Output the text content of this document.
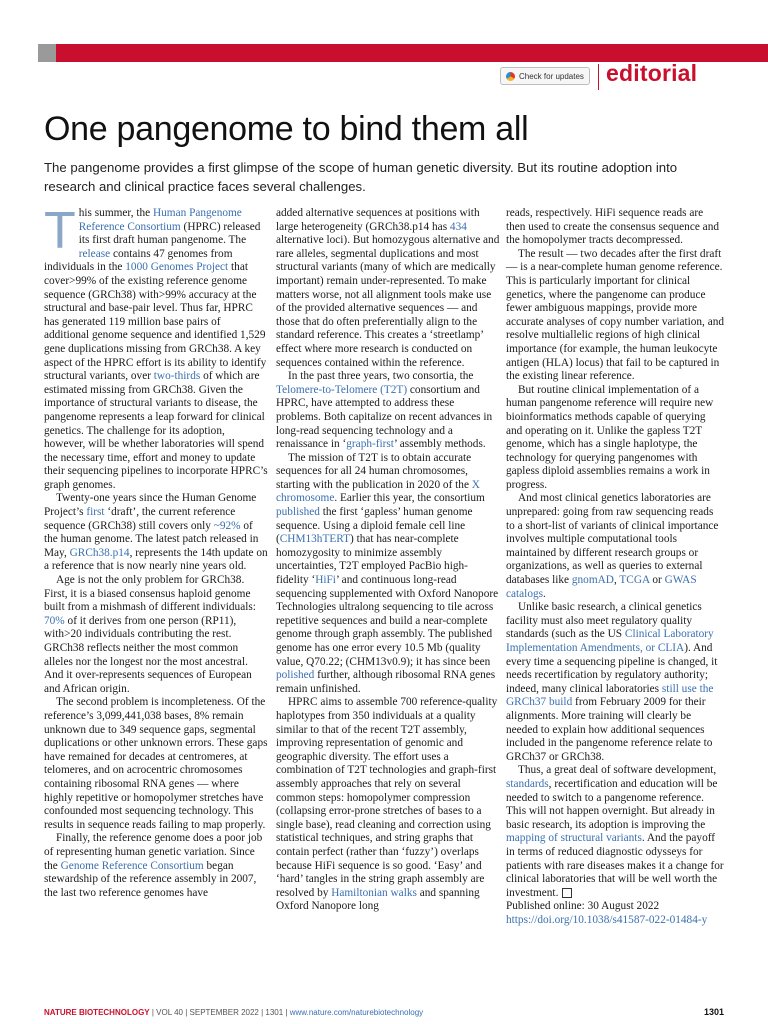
Check for updates editorial
One pangenome to bind them all
The pangenome provides a first glimpse of the scope of human genetic diversity. But its routine adoption into research and clinical practice faces several challenges.

This summer, the Human Pangenome Reference Consortium (HPRC) released its first draft human pangenome. The release contains 47 genomes from individuals in the 1000 Genomes Project that cover>99% of the existing reference genome sequence (GRCh38) with>99% accuracy at the structural and base-pair level. Thus far, HPRC has generated 119 million base pairs of additional genome sequence and identified 1,529 gene duplications missing from GRCh38. A key aspect of the HPRC effort is its ability to identify structural variants, over two-thirds of which are estimated missing from GRCh38. Given the importance of structural variants to disease, the pangenome represents a leap forward for clinical genetics. The challenge for its adoption, however, will be whether laboratories will spend the necessary time, effort and money to update their sequencing pipelines to incorporate HPRC’s graph genomes.

Twenty-one years since the Human Genome Project’s first ‘draft’, the current reference sequence (GRCh38) still covers only ~92% of the human genome. The latest patch released in May, GRCh38.p14, represents the 14th update on a reference that is now nearly nine years old.

Age is not the only problem for GRCh38. First, it is a biased consensus haploid genome built from a mishmash of different individuals: 70% of it derives from one person (RP11), with>20 individuals contributing the rest. GRCh38 reflects neither the most common alleles nor the longest nor the most ancestral. And it over-represents sequences of European and African origin.

The second problem is incompleteness. Of the reference’s 3,099,441,038 bases, 8% remain unknown due to 349 sequence gaps, segmental duplications or other unknown errors. These gaps have remained for decades at centromeres, at telomeres, and on acrocentric chromosomes containing ribosomal RNA genes — where highly repetitive or homopolymer stretches have confounded most sequencing technology. This results in sequence reads failing to map properly.

Finally, the reference genome does a poor job of representing human genetic variation. Since the Genome Reference Consortium began stewardship of the reference assembly in 2007, the last two reference genomes have

added alternative sequences at positions with large heterogeneity (GRCh38.p14 has 434 alternative loci). But homozygous alternative and rare alleles, segmental duplications and most structural variants (many of which are medically important) remain under-represented. To make matters worse, not all alignment tools make use of the provided alternative sequences — and those that do often preferentially align to the standard reference. This creates a ‘streetlamp’ effect where more research is conducted on sequences contained within the reference.

In the past three years, two consortia, the Telomere-to-Telomere (T2T) consortium and HPRC, have attempted to address these problems. Both capitalize on recent advances in long-read sequencing technology and a renaissance in ‘graph-first’ assembly methods.

The mission of T2T is to obtain accurate sequences for all 24 human chromosomes, starting with the publication in 2020 of the X chromosome. Earlier this year, the consortium published the first ‘gapless’ human genome sequence. Using a diploid female cell line (CHM13hTERT) that has near-complete homozygosity to minimize assembly uncertainties, T2T employed PacBio high-fidelity ‘HiFi’ and continuous long-read sequencing supplemented with Oxford Nanopore Technologies ultralong sequencing to tile across repetitive sequences and build a near-complete genome through graph assembly. The published genome has one error every 10.5 Mb (quality value, Q70.22; (CHM13v0.9); it has since been polished further, although ribosomal RNA genes remain unfinished.

HPRC aims to assemble 700 reference-quality haplotypes from 350 individuals at a quality similar to that of the recent T2T assembly, improving representation of genomic and geographic diversity. The effort uses a combination of T2T technologies and graph-first assembly approaches that rely on several common steps: homopolymer compression (collapsing error-prone stretches of bases to a single base), read cleaning and correction using statistical techniques, and string graphs that contain perfect (rather than ‘fuzzy’) overlaps because HiFi sequence is so good. ‘Easy’ and ‘hard’ tangles in the string graph assembly are resolved by Hamiltonian walks and spanning Oxford Nanopore long

reads, respectively. HiFi sequence reads are then used to create the consensus sequence and the homopolymer tracts decompressed.

The result — two decades after the first draft — is a near-complete human genome reference. This is particularly important for clinical genetics, where the pangenome can produce fewer ambiguous mappings, provide more accurate analyses of copy number variation, and resolve multiallelic regions of high clinical importance (for example, the human leukocyte antigen (HLA) locus) that fail to be captured in the existing linear reference.

But routine clinical implementation of a human pangenome reference will require new bioinformatics methods capable of querying and operating on it. Unlike the gapless T2T genome, which has a single haplotype, the technology for querying pangenomes with gapless diploid assemblies remains a work in progress.

And most clinical genetics laboratories are unprepared: going from raw sequencing reads to a short-list of variants of clinical importance involves multiple computational tools maintained by different research groups or organizations, as well as queries to external databases like gnomAD, TCGA or GWAS catalogs.

Unlike basic research, a clinical genetics facility must also meet regulatory quality standards (such as the US Clinical Laboratory Implementation Amendments, or CLIA). And every time a sequencing pipeline is changed, it needs recertification by regulatory authority; indeed, many clinical laboratories still use the GRCh37 build from February 2009 for their alignments. More training will clearly be needed to explain how additional sequences included in the pangenome reference relate to GRCh37 or GRCh38.

Thus, a great deal of software development, standards, recertification and education will be needed to switch to a pangenome reference. This will not happen overnight. But already in basic research, its adoption is improving the mapping of structural variants. And the payoff in terms of reduced diagnostic odysseys for patients with rare diseases makes it a change for clinical laboratories that will be well worth the investment.

Published online: 30 August 2022

https://doi.org/10.1038/s41587-022-01484-y

NATURE BIOTECHNOLOGY | VOL 40 | SEPTEMBER 2022 | 1301 | www.nature.com/naturebiotechnology	1301
